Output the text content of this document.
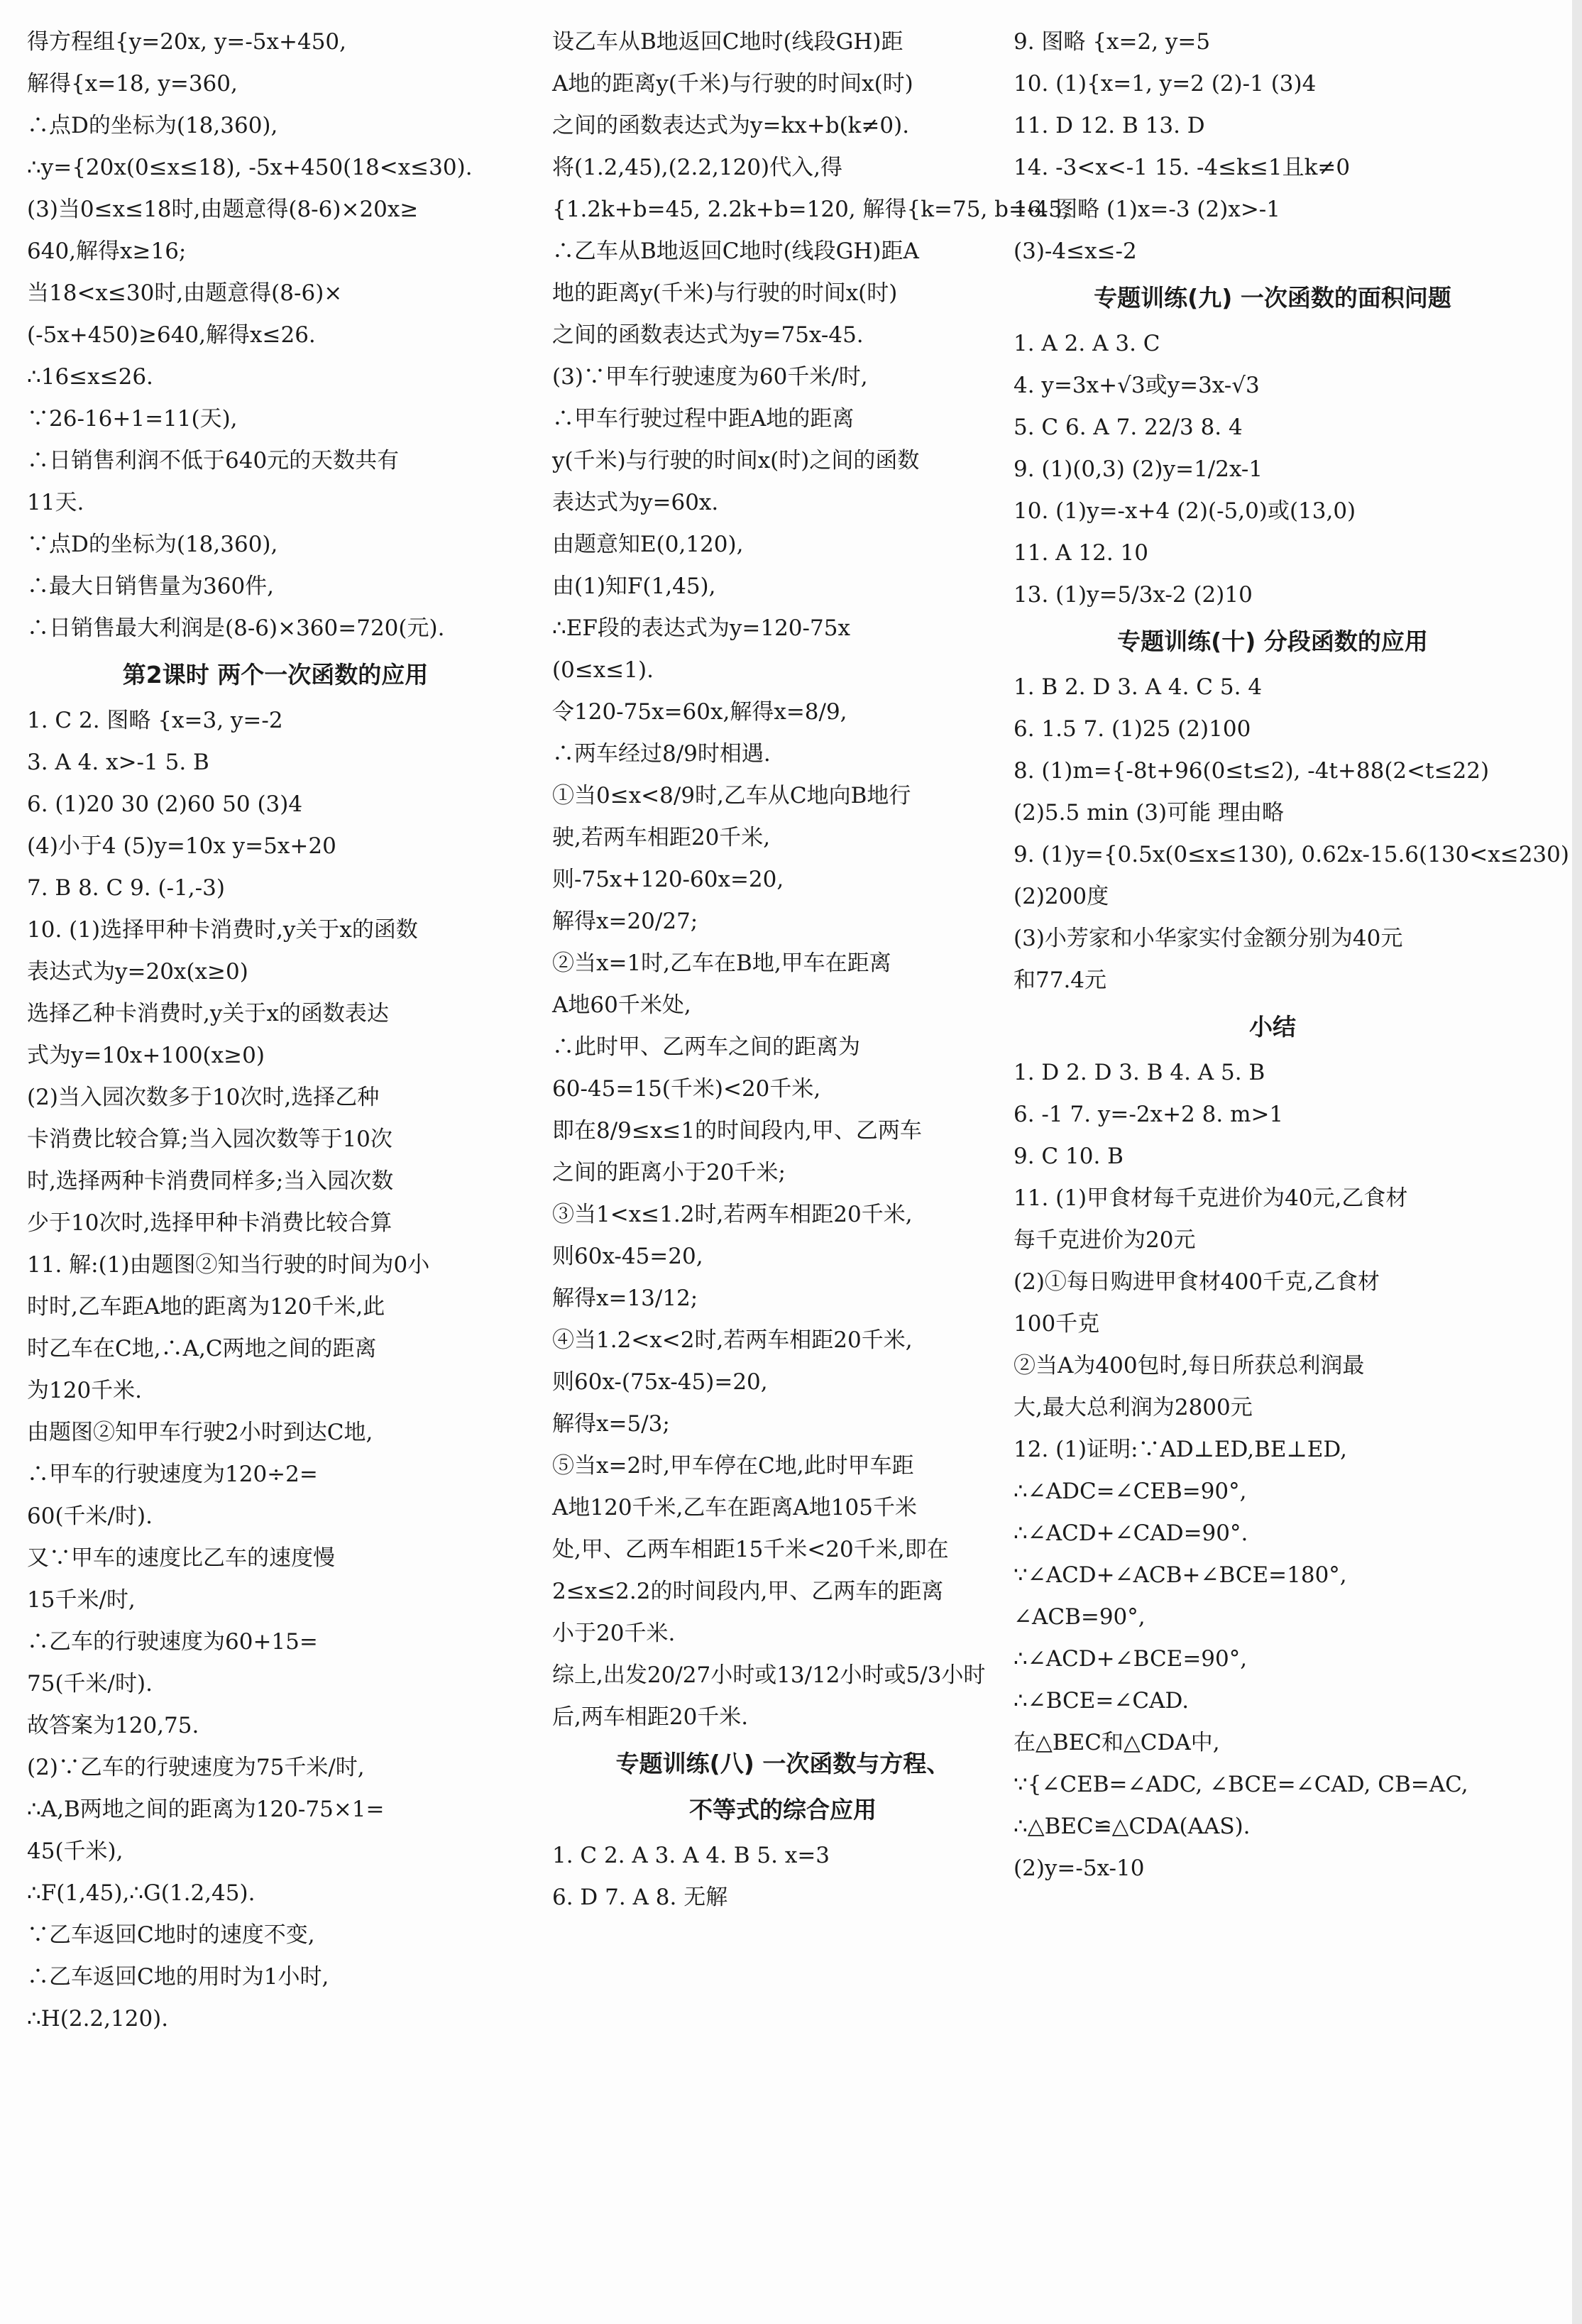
得方程组{y=20x, y=-5x+450,
解得{x=18, y=360,
∴点D的坐标为(18,360),
∴y={20x(0≤x≤18), -5x+450(18<x≤30).
(3)当0≤x≤18时,由题意得(8-6)×20x≥
640,解得x≥16;
当18<x≤30时,由题意得(8-6)×
(-5x+450)≥640,解得x≤26.
∴16≤x≤26.
∵26-16+1=11(天),
∴日销售利润不低于640元的天数共有
11天.
∵点D的坐标为(18,360),
∴最大日销售量为360件,
∴日销售最大利润是(8-6)×360=720(元).
第2课时 两个一次函数的应用
1. C 2. 图略 {x=3, y=-2
3. A 4. x>-1 5. B
6. (1)20 30 (2)60 50 (3)4
(4)小于4 (5)y=10x y=5x+20
7. B 8. C 9. (-1,-3)
10. (1)选择甲种卡消费时,y关于x的函数
表达式为y=20x(x≥0)
选择乙种卡消费时,y关于x的函数表达
式为y=10x+100(x≥0)
(2)当入园次数多于10次时,选择乙种
卡消费比较合算;当入园次数等于10次
时,选择两种卡消费同样多;当入园次数
少于10次时,选择甲种卡消费比较合算
11. 解:(1)由题图②知当行驶的时间为0小
时时,乙车距A地的距离为120千米,此
时乙车在C地,∴A,C两地之间的距离
为120千米.
由题图②知甲车行驶2小时到达C地,
∴甲车的行驶速度为120÷2=
60(千米/时).
又∵甲车的速度比乙车的速度慢
15千米/时,
∴乙车的行驶速度为60+15=
75(千米/时).
故答案为120,75.
(2)∵乙车的行驶速度为75千米/时,
∴A,B两地之间的距离为120-75×1=
45(千米),
∴F(1,45),∴G(1.2,45).
∵乙车返回C地时的速度不变,
∴乙车返回C地的用时为1小时,
∴H(2.2,120).
设乙车从B地返回C地时(线段GH)距
A地的距离y(千米)与行驶的时间x(时)
之间的函数表达式为y=kx+b(k≠0).
将(1.2,45),(2.2,120)代入,得
{1.2k+b=45, 2.2k+b=120, 解得{k=75, b=-45,
∴乙车从B地返回C地时(线段GH)距A
地的距离y(千米)与行驶的时间x(时)
之间的函数表达式为y=75x-45.
(3)∵甲车行驶速度为60千米/时,
∴甲车行驶过程中距A地的距离
y(千米)与行驶的时间x(时)之间的函数
表达式为y=60x.
由题意知E(0,120),
由(1)知F(1,45),
∴EF段的表达式为y=120-75x
(0≤x≤1).
令120-75x=60x,解得x=8/9,
∴两车经过8/9时相遇.
①当0≤x<8/9时,乙车从C地向B地行
驶,若两车相距20千米,
则-75x+120-60x=20,
解得x=20/27;
②当x=1时,乙车在B地,甲车在距离
A地60千米处,
∴此时甲、乙两车之间的距离为
60-45=15(千米)<20千米,
即在8/9≤x≤1的时间段内,甲、乙两车
之间的距离小于20千米;
③当1<x≤1.2时,若两车相距20千米,
则60x-45=20,
解得x=13/12;
④当1.2<x<2时,若两车相距20千米,
则60x-(75x-45)=20,
解得x=5/3;
⑤当x=2时,甲车停在C地,此时甲车距
A地120千米,乙车在距离A地105千米
处,甲、乙两车相距15千米<20千米,即在
2≤x≤2.2的时间段内,甲、乙两车的距离
小于20千米.
综上,出发20/27小时或13/12小时或5/3小时
后,两车相距20千米.
专题训练(八) 一次函数与方程、
不等式的综合应用
1. C 2. A 3. A 4. B 5. x=3
6. D 7. A 8. 无解
9. 图略 {x=2, y=5
10. (1){x=1, y=2 (2)-1 (3)4
11. D 12. B 13. D
14. -3<x<-1 15. -4≤k≤1且k≠0
16. 图略 (1)x=-3 (2)x>-1
(3)-4≤x≤-2
专题训练(九) 一次函数的面积问题
1. A 2. A 3. C
4. y=3x+√3或y=3x-√3
5. C 6. A 7. 22/3 8. 4
9. (1)(0,3) (2)y=1/2x-1
10. (1)y=-x+4 (2)(-5,0)或(13,0)
11. A 12. 10
13. (1)y=5/3x-2 (2)10
专题训练(十) 分段函数的应用
1. B 2. D 3. A 4. C 5. 4
6. 1.5 7. (1)25 (2)100
8. (1)m={-8t+96(0≤t≤2), -4t+88(2<t≤22)
(2)5.5 min (3)可能 理由略
9. (1)y={0.5x(0≤x≤130), 0.62x-15.6(130<x≤230)
(2)200度
(3)小芳家和小华家实付金额分别为40元
和77.4元
小结
1. D 2. D 3. B 4. A 5. B
6. -1 7. y=-2x+2 8. m>1
9. C 10. B
11. (1)甲食材每千克进价为40元,乙食材
每千克进价为20元
(2)①每日购进甲食材400千克,乙食材
100千克
②当A为400包时,每日所获总利润最
大,最大总利润为2800元
12. (1)证明:∵AD⊥ED,BE⊥ED,
∴∠ADC=∠CEB=90°,
∴∠ACD+∠CAD=90°.
∵∠ACD+∠ACB+∠BCE=180°,
∠ACB=90°,
∴∠ACD+∠BCE=90°,
∴∠BCE=∠CAD.
在△BEC和△CDA中,
∵{∠CEB=∠ADC, ∠BCE=∠CAD, CB=AC,
∴△BEC≌△CDA(AAS).
(2)y=-5x-10
